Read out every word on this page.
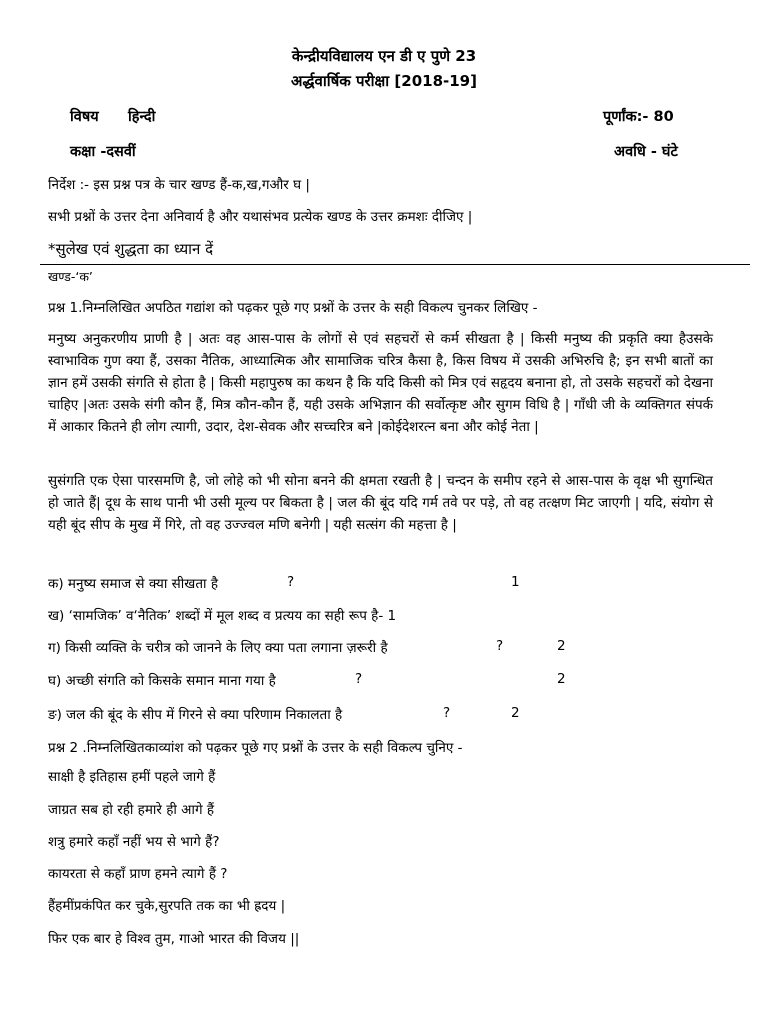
केन्द्रीयविद्यालय एन डी ए पुणे 23
अर्द्धवार्षिक परीक्षा [2018-19]
विषय हिन्दी	पूर्णांक:- 80
कक्षा -दसवीं	अवधि - घंटे
निर्देश :- इस प्रश्न पत्र के चार खण्ड हैं-क,ख,गऔर घ |
सभी प्रश्नों के उत्तर देना अनिवार्य है और यथासंभव प्रत्येक खण्ड के उत्तर क्रमशः दीजिए |
*सुलेख एवं शुद्धता का ध्यान दें
खण्ड-‘क’
प्रश्न 1.निम्नलिखित अपठित गद्यांश को पढ़कर पूछे गए प्रश्नों के उत्तर के सही विकल्प चुनकर लिखिए -
मनुष्य अनुकरणीय प्राणी है | अतः वह आस-पास के लोगों से एवं सहचरों से कर्म सीखता है | किसी मनुष्य की प्रकृति क्या हैउसके स्वाभाविक गुण क्या हैं, उसका नैतिक, आध्यात्मिक और सामाजिक चरित्र कैसा है, किस विषय में उसकी अभिरुचि है; इन सभी बातों का ज्ञान हमें उसकी संगति से होता है | किसी महापुरुष का कथन है कि यदि किसी को मित्र एवं सहृदय बनाना हो, तो उसके सहचरों को देखना चाहिए |अतः उसके संगी कौन हैं, मित्र कौन-कौन हैं, यही उसके अभिज्ञान की सर्वोत्कृष्ट और सुगम विधि है | गाँधी जी के व्यक्तिगत संपर्क में आकार कितने ही लोग त्यागी, उदार, देश-सेवक और सच्चरित्र बने |कोईदेशरत्न बना और कोई नेता |
सुसंगति एक ऐसा पारसमणि है, जो लोहे को भी सोना बनने की क्षमता रखती है | चन्दन के समीप रहने से आस-पास के वृक्ष भी सुगन्धित हो जाते हैं| दूध के साथ पानी भी उसी मूल्य पर बिकता है | जल की बूंद यदि गर्म तवे पर पड़े, तो वह तत्क्षण मिट जाएगी | यदि, संयोग से यही बूंद सीप के मुख में गिरे, तो वह उज्ज्वल मणि बनेगी | यही सत्संग की महत्ता है |
क) मनुष्य समाज से क्या सीखता है	?	1
ख) ‘सामजिक’ व‘नैतिक’ शब्दों में मूल शब्द व प्रत्यय का सही रूप है- 1
ग) किसी व्यक्ति के चरीत्र को जानने के लिए क्या पता लगाना ज़रूरी है	?	2
घ) अच्छी संगति को किसके समान माना गया है	?	2
ङ) जल की बूंद के सीप में गिरने से क्या परिणाम निकालता है	?	2
प्रश्न 2 .निम्नलिखितकाव्यांश को पढ़कर पूछे गए प्रश्नों के उत्तर के सही विकल्प चुनिए -
साक्षी है इतिहास हमीं पहले जागे हैं
जाग्रत सब हो रही हमारे ही आगे हैं
शत्रु हमारे कहाँ नहीं भय से भागे हैं?
कायरता से कहाँ प्राण हमने त्यागे हैं ?
हैंहमींप्रकंपित कर चुके,सुरपति तक का भी ह्रदय |
फिर एक बार हे विश्व तुम, गाओ भारत की विजय ||
